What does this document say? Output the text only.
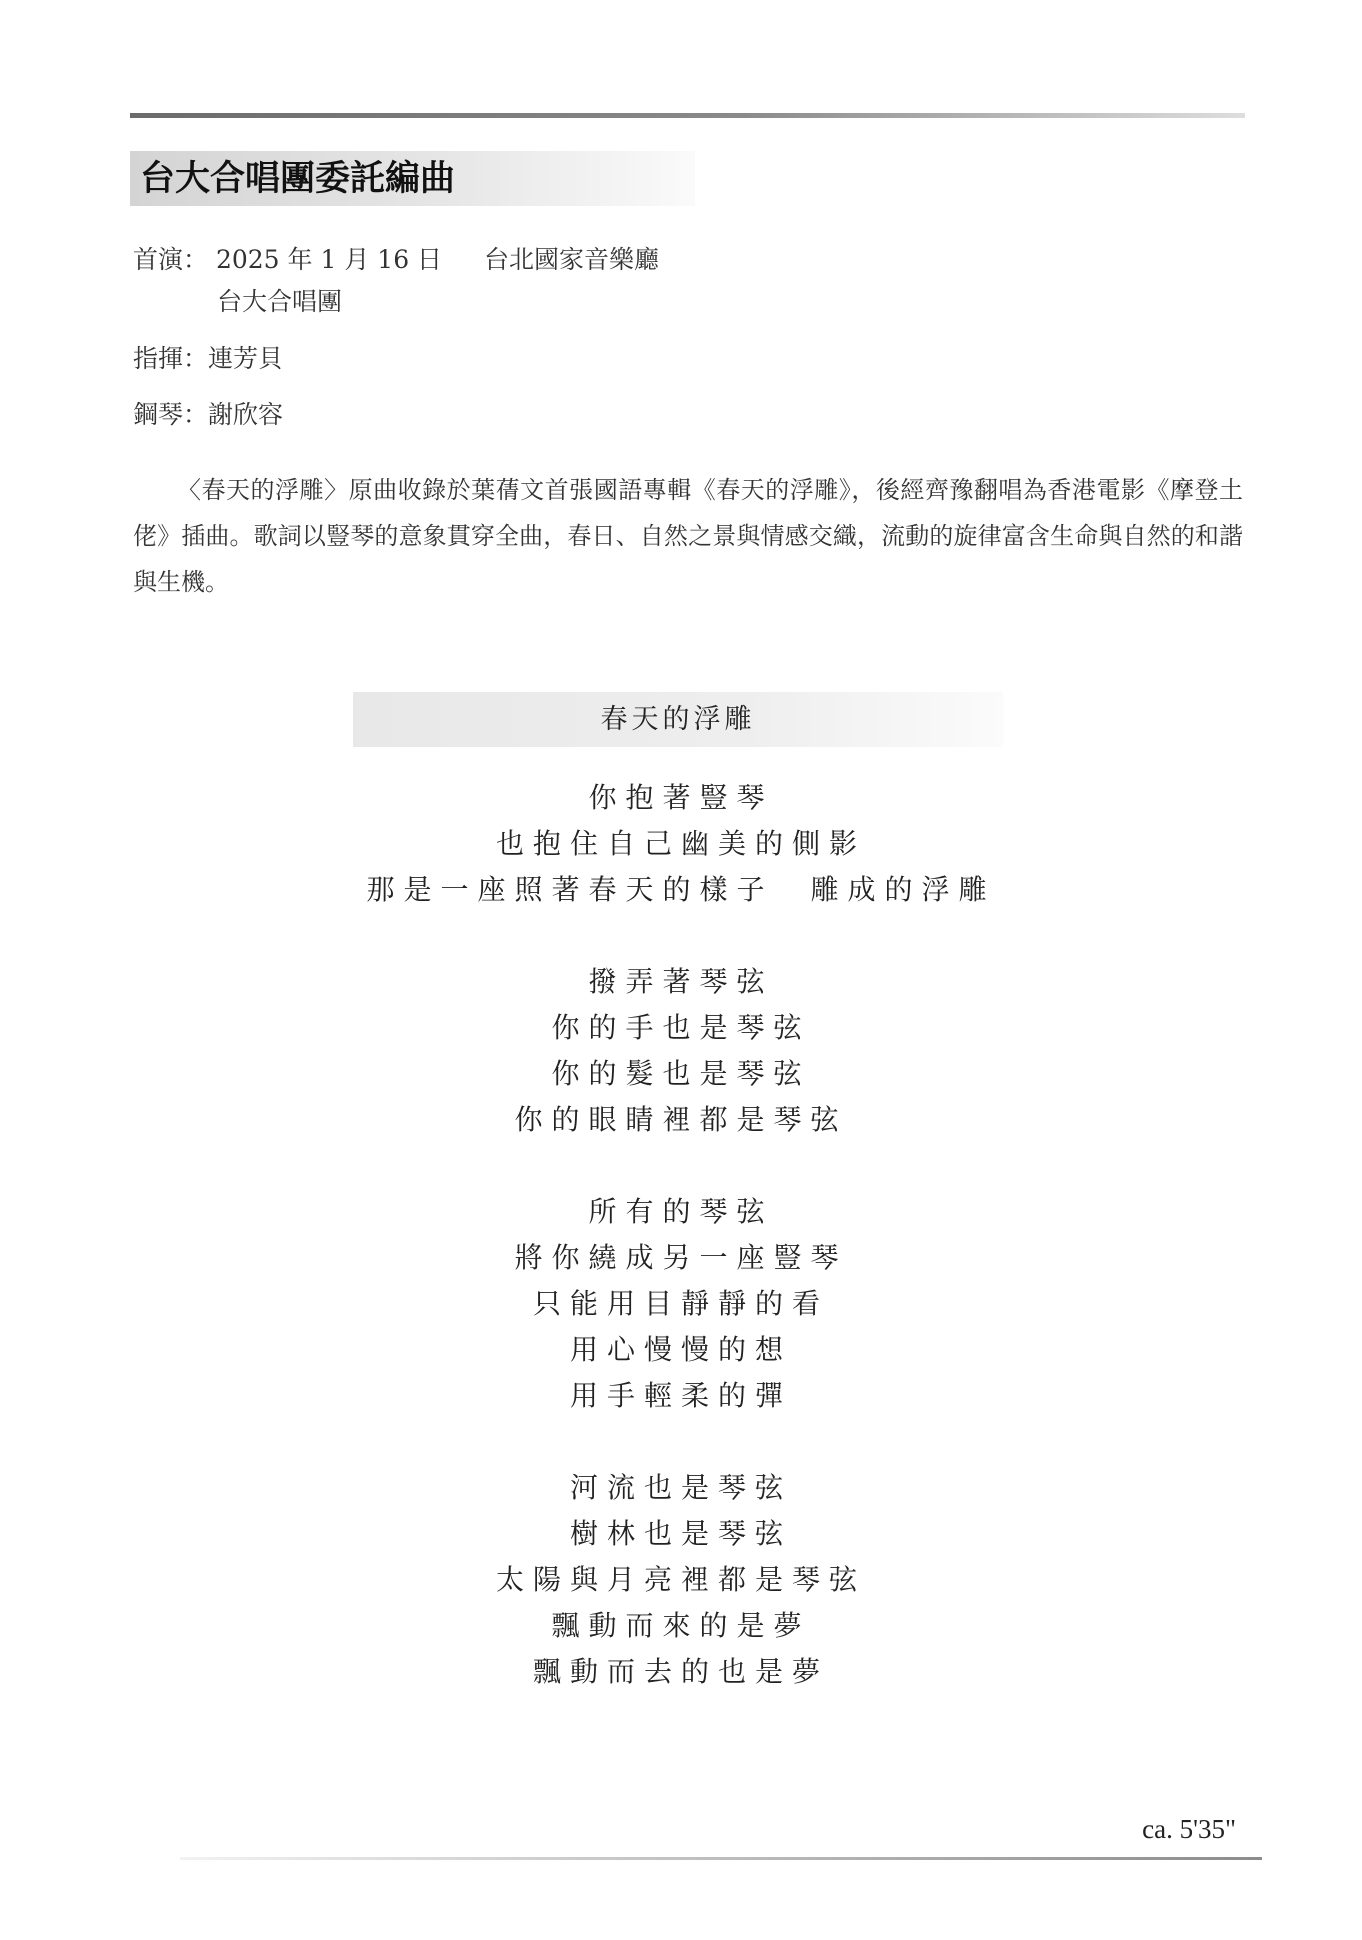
台大合唱團委託編曲
首演： 2025 年 1 月 16 日 台北國家音樂廳
台大合唱團
指揮：連芳貝
鋼琴：謝欣容
〈春天的浮雕〉原曲收錄於葉蒨文首張國語專輯《春天的浮雕》，後經齊豫翻唱為香港電影《摩登土佬》插曲。歌詞以豎琴的意象貫穿全曲，春日、自然之景與情感交織，流動的旋律富含生命與自然的和諧與生機。
春天的浮雕
你抱著豎琴
也抱住自己幽美的側影
那是一座照著春天的樣子　雕成的浮雕
撥弄著琴弦
你的手也是琴弦
你的髮也是琴弦
你的眼睛裡都是琴弦
所有的琴弦
將你繞成另一座豎琴
只能用目靜靜的看
用心慢慢的想
用手輕柔的彈
河流也是琴弦
樹林也是琴弦
太陽與月亮裡都是琴弦
飄動而來的是夢
飄動而去的也是夢
ca. 5'35"
